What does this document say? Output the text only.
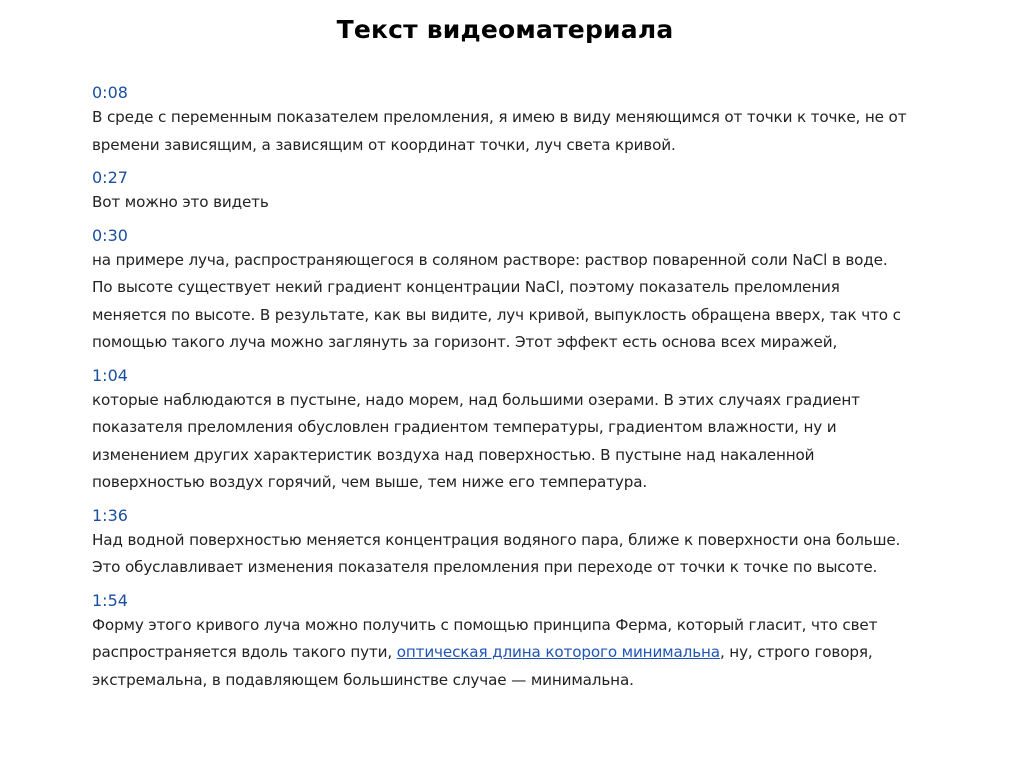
Текст видеоматериала
0:08
В среде с переменным показателем преломления, я имею в виду меняющимся от точки к точке, не от времени зависящим, а зависящим от координат точки, луч света кривой.
0:27
Вот можно это видеть
0:30
на примере луча, распространяющегося в соляном растворе: раствор поваренной соли NaCl в воде. По высоте существует некий градиент концентрации NaCl, поэтому показатель преломления меняется по высоте. В результате, как вы видите, луч кривой, выпуклость обращена вверх, так что с помощью такого луча можно заглянуть за горизонт. Этот эффект есть основа всех миражей,
1:04
которые наблюдаются в пустыне, надо морем, над большими озерами. В этих случаях градиент показателя преломления обусловлен градиентом температуры, градиентом влажности, ну и изменением других характеристик воздуха над поверхностью. В пустыне над накаленной поверхностью воздух горячий, чем выше, тем ниже его температура.
1:36
Над водной поверхностью меняется концентрация водяного пара, ближе к поверхности она больше. Это обуславливает изменения показателя преломления при переходе от точки к точке по высоте.
1:54
Форму этого кривого луча можно получить с помощью принципа Ферма, который гласит, что свет распространяется вдоль такого пути, оптическая длина которого минимальна, ну, строго говоря, экстремальна, в подавляющем большинстве случае — минимальна.
